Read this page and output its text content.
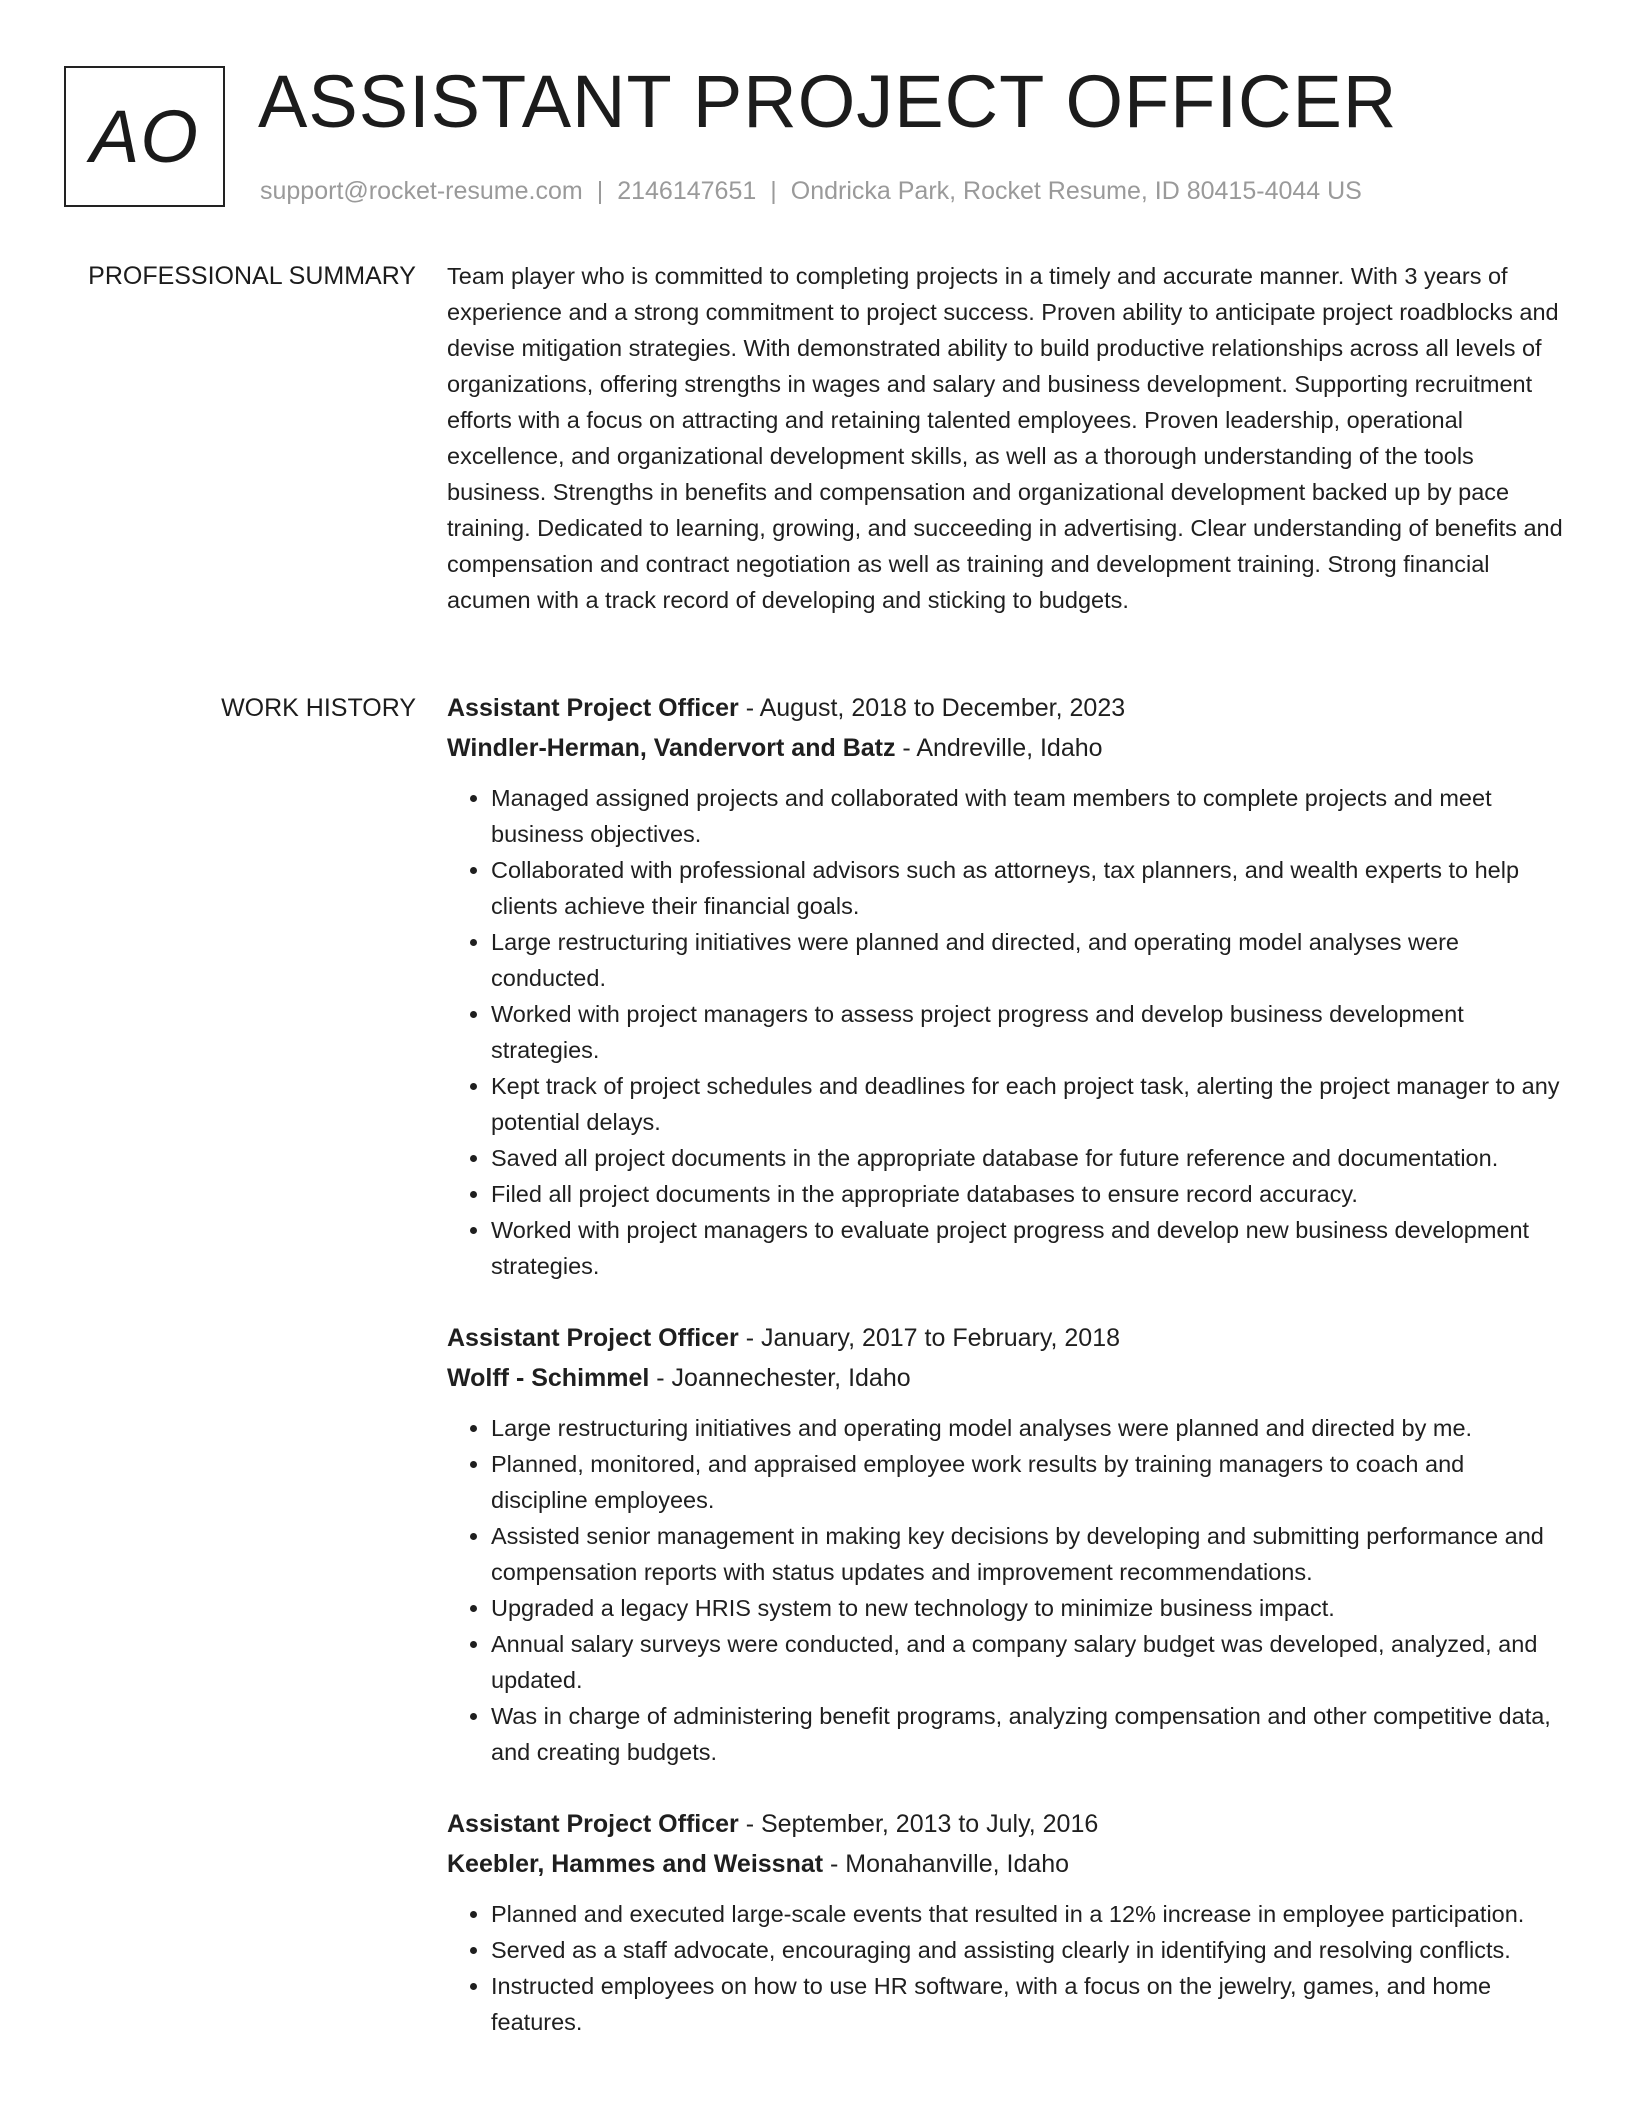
AO ASSISTANT PROJECT OFFICER
support@rocket-resume.com | 2146147651 | Ondricka Park, Rocket Resume, ID 80415-4044 US
PROFESSIONAL SUMMARY Team player who is committed to completing projects in a timely and accurate manner. With 3 years of experience and a strong commitment to project success. Proven ability to anticipate project roadblocks and devise mitigation strategies. With demonstrated ability to build productive relationships across all levels of organizations, offering strengths in wages and salary and business development. Supporting recruitment efforts with a focus on attracting and retaining talented employees. Proven leadership, operational excellence, and organizational development skills, as well as a thorough understanding of the tools business. Strengths in benefits and compensation and organizational development backed up by pace training. Dedicated to learning, growing, and succeeding in advertising. Clear understanding of benefits and compensation and contract negotiation as well as training and development training. Strong financial acumen with a track record of developing and sticking to budgets.

WORK HISTORY Assistant Project Officer - August, 2018 to December, 2023
Windler-Herman, Vandervort and Batz - Andreville, Idaho
• Managed assigned projects and collaborated with team members to complete projects and meet business objectives.
• Collaborated with professional advisors such as attorneys, tax planners, and wealth experts to help clients achieve their financial goals.
• Large restructuring initiatives were planned and directed, and operating model analyses were conducted.
• Worked with project managers to assess project progress and develop business development strategies.
• Kept track of project schedules and deadlines for each project task, alerting the project manager to any potential delays.
• Saved all project documents in the appropriate database for future reference and documentation.
• Filed all project documents in the appropriate databases to ensure record accuracy.
• Worked with project managers to evaluate project progress and develop new business development strategies.
Assistant Project Officer - January, 2017 to February, 2018
Wolff - Schimmel - Joannechester, Idaho
• Large restructuring initiatives and operating model analyses were planned and directed by me.
• Planned, monitored, and appraised employee work results by training managers to coach and discipline employees.
• Assisted senior management in making key decisions by developing and submitting performance and compensation reports with status updates and improvement recommendations.
• Upgraded a legacy HRIS system to new technology to minimize business impact.
• Annual salary surveys were conducted, and a company salary budget was developed, analyzed, and updated.
• Was in charge of administering benefit programs, analyzing compensation and other competitive data, and creating budgets.
Assistant Project Officer - September, 2013 to July, 2016
Keebler, Hammes and Weissnat - Monahanville, Idaho
• Planned and executed large-scale events that resulted in a 12% increase in employee participation.
• Served as a staff advocate, encouraging and assisting clearly in identifying and resolving conflicts.
• Instructed employees on how to use HR software, with a focus on the jewelry, games, and home features.
